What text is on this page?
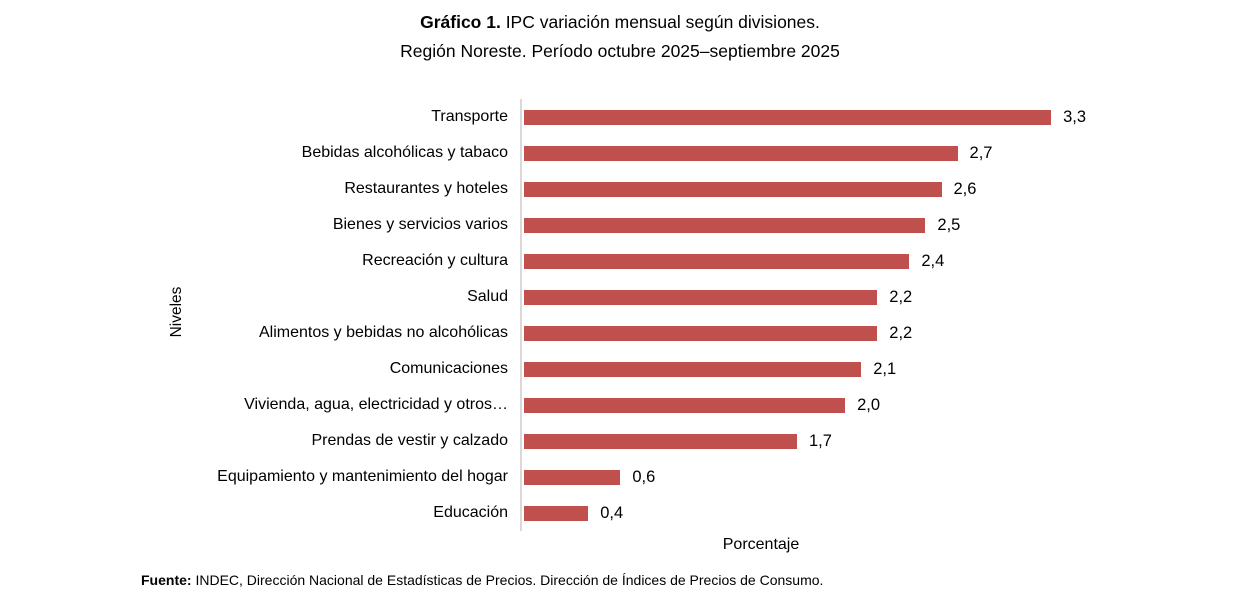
Gráfico 1. IPC variación mensual según divisiones.
Región Noreste. Período octubre 2025–septiembre 2025
Niveles
Transporte	3,3
Bebidas alcohólicas y tabaco	2,7
Restaurantes y hoteles	2,6
Bienes y servicios varios	2,5
Recreación y cultura	2,4
Salud	2,2
Alimentos y bebidas no alcohólicas	2,2
Comunicaciones	2,1
Vivienda, agua, electricidad y otros…	2,0
Prendas de vestir y calzado	1,7
Equipamiento y mantenimiento del hogar	0,6
Educación	0,4
Porcentaje
Fuente: INDEC, Dirección Nacional de Estadísticas de Precios. Dirección de Índices de Precios de Consumo.
